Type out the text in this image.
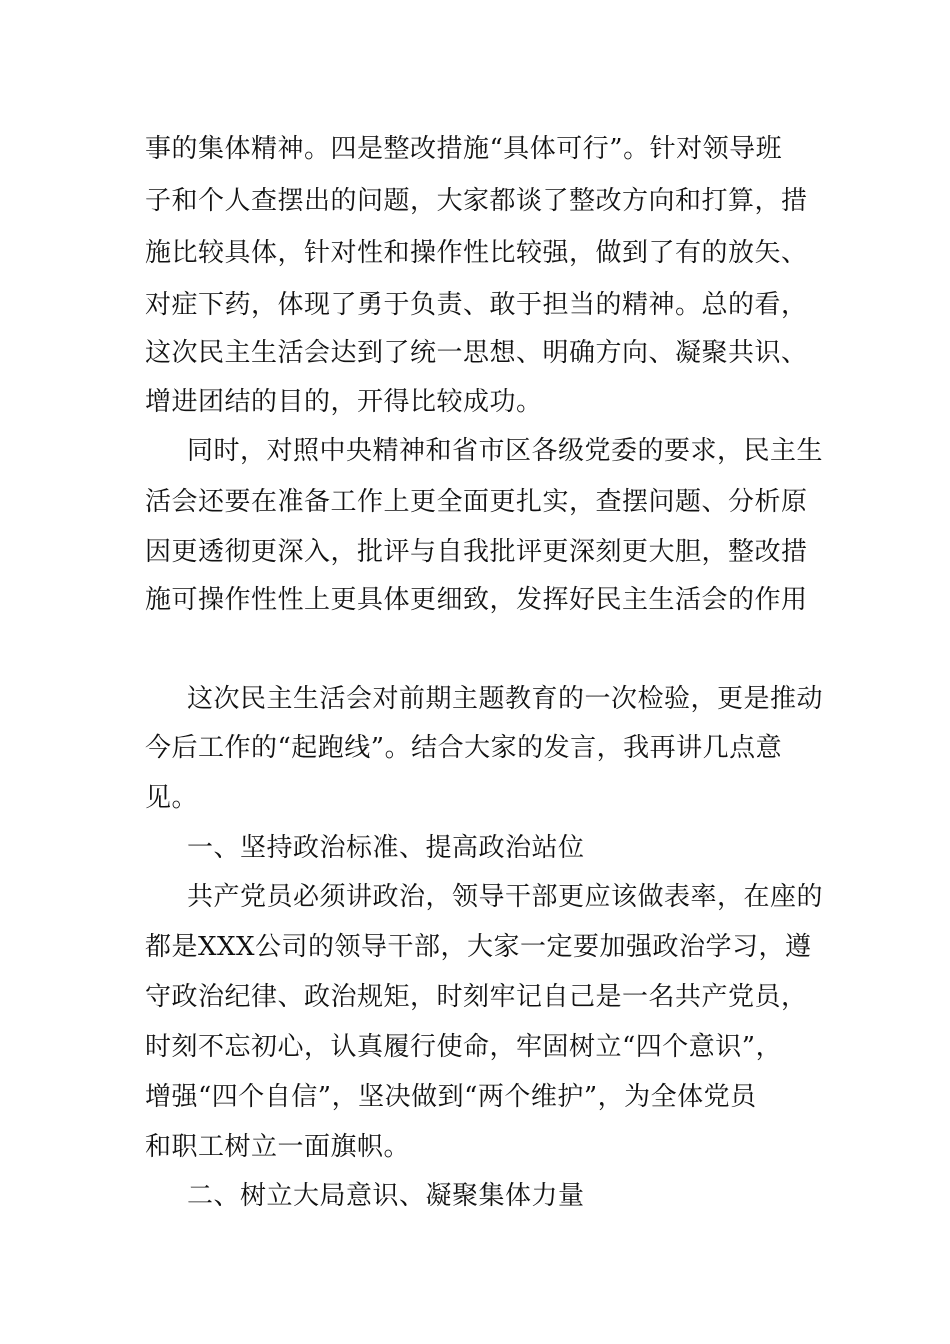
事的集体精神。四是整改措施“具体可行”。针对领导班
子和个人查摆出的问题，大家都谈了整改方向和打算，措
施比较具体，针对性和操作性比较强，做到了有的放矢、
对症下药，体现了勇于负责、敢于担当的精神。总的看，
这次民主生活会达到了统一思想、明确方向、凝聚共识、
增进团结的目的，开得比较成功。
同时，对照中央精神和省市区各级党委的要求，民主生
活会还要在准备工作上更全面更扎实，查摆问题、分析原
因更透彻更深入，批评与自我批评更深刻更大胆，整改措
施可操作性性上更具体更细致，发挥好民主生活会的作用
这次民主生活会对前期主题教育的一次检验，更是推动
今后工作的“起跑线”。结合大家的发言，我再讲几点意
见。
一、坚持政治标准、提高政治站位
共产党员必须讲政治，领导干部更应该做表率，在座的
都是XXX公司的领导干部，大家一定要加强政治学习，遵
守政治纪律、政治规矩，时刻牢记自己是一名共产党员，
时刻不忘初心，认真履行使命，牢固树立“四个意识”，
增强“四个自信”，坚决做到“两个维护”，为全体党员
和职工树立一面旗帜。
二、树立大局意识、凝聚集体力量
